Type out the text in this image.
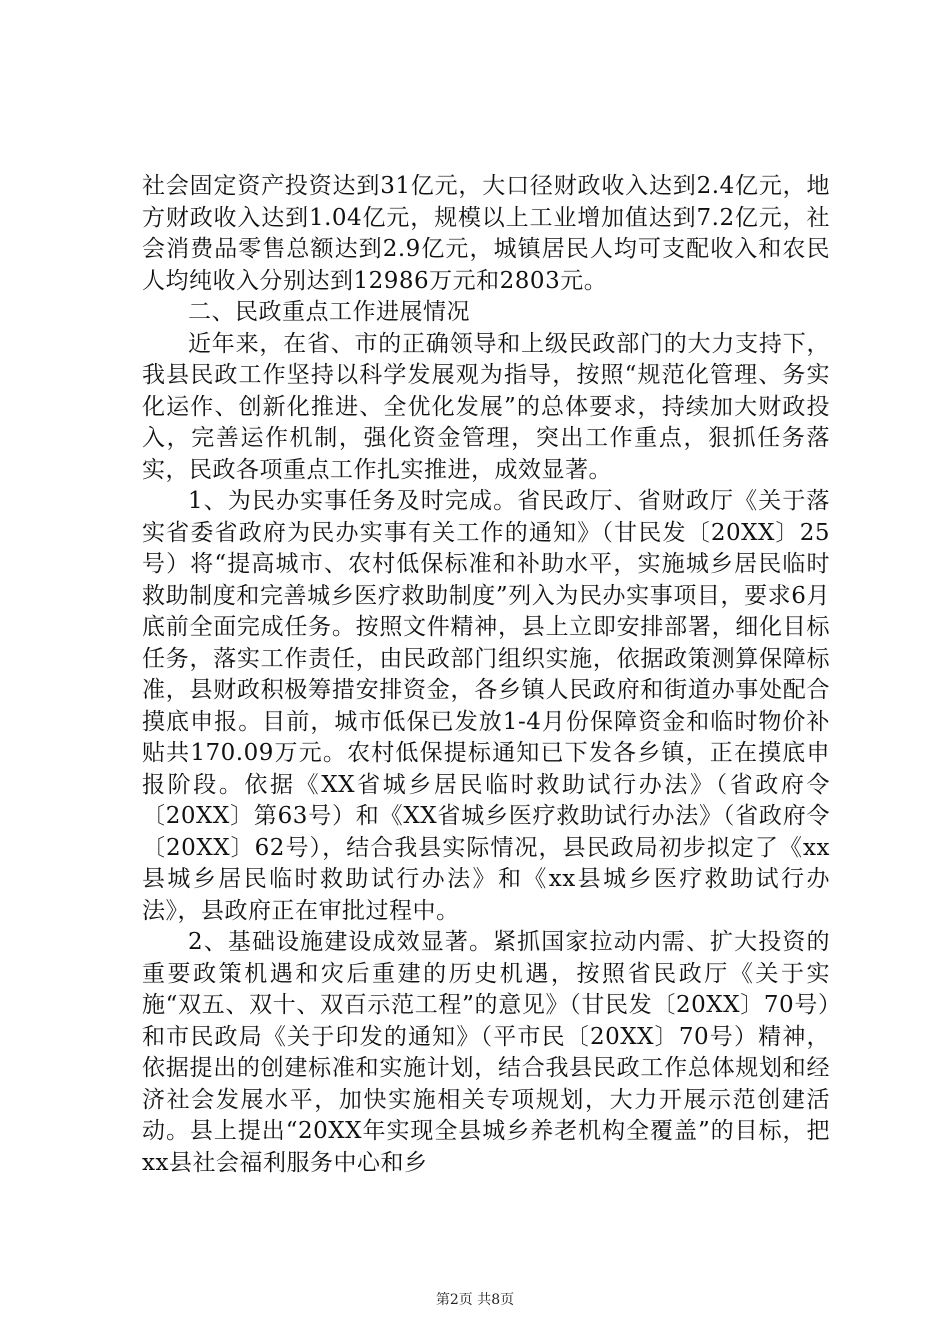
社会固定资产投资达到31亿元，大口径财政收入达到2.4亿元，地方财政收入达到1.04亿元，规模以上工业增加值达到7.2亿元，社会消费品零售总额达到2.9亿元，城镇居民人均可支配收入和农民人均纯收入分别达到12986万元和2803元。

二、民政重点工作进展情况

近年来，在省、市的正确领导和上级民政部门的大力支持下，我县民政工作坚持以科学发展观为指导，按照“规范化管理、务实化运作、创新化推进、全优化发展”的总体要求，持续加大财政投入，完善运作机制，强化资金管理，突出工作重点，狠抓任务落实，民政各项重点工作扎实推进，成效显著。

1、为民办实事任务及时完成。省民政厅、省财政厅《关于落实省委省政府为民办实事有关工作的通知》（甘民发〔20XX〕25号）将“提高城市、农村低保标准和补助水平，实施城乡居民临时救助制度和完善城乡医疗救助制度”列入为民办实事项目，要求6月底前全面完成任务。按照文件精神，县上立即安排部署，细化目标任务，落实工作责任，由民政部门组织实施，依据政策测算保障标准，县财政积极筹措安排资金，各乡镇人民政府和街道办事处配合摸底申报。目前，城市低保已发放1-4月份保障资金和临时物价补贴共170.09万元。农村低保提标通知已下发各乡镇，正在摸底申报阶段。依据《XX省城乡居民临时救助试行办法》（省政府令〔20XX〕第63号）和《XX省城乡医疗救助试行办法》（省政府令〔20XX〕62号），结合我县实际情况，县民政局初步拟定了《xx县城乡居民临时救助试行办法》和《xx县城乡医疗救助试行办法》，县政府正在审批过程中。

2、基础设施建设成效显著。紧抓国家拉动内需、扩大投资的重要政策机遇和灾后重建的历史机遇，按照省民政厅《关于实施“双五、双十、双百示范工程”的意见》（甘民发〔20XX〕70号）和市民政局《关于印发的通知》（平市民〔20XX〕70号）精神，依据提出的创建标准和实施计划，结合我县民政工作总体规划和经济社会发展水平，加快实施相关专项规划，大力开展示范创建活动。县上提出“20XX年实现全县城乡养老机构全覆盖”的目标，把xx县社会福利服务中心和乡

第2页 共8页
